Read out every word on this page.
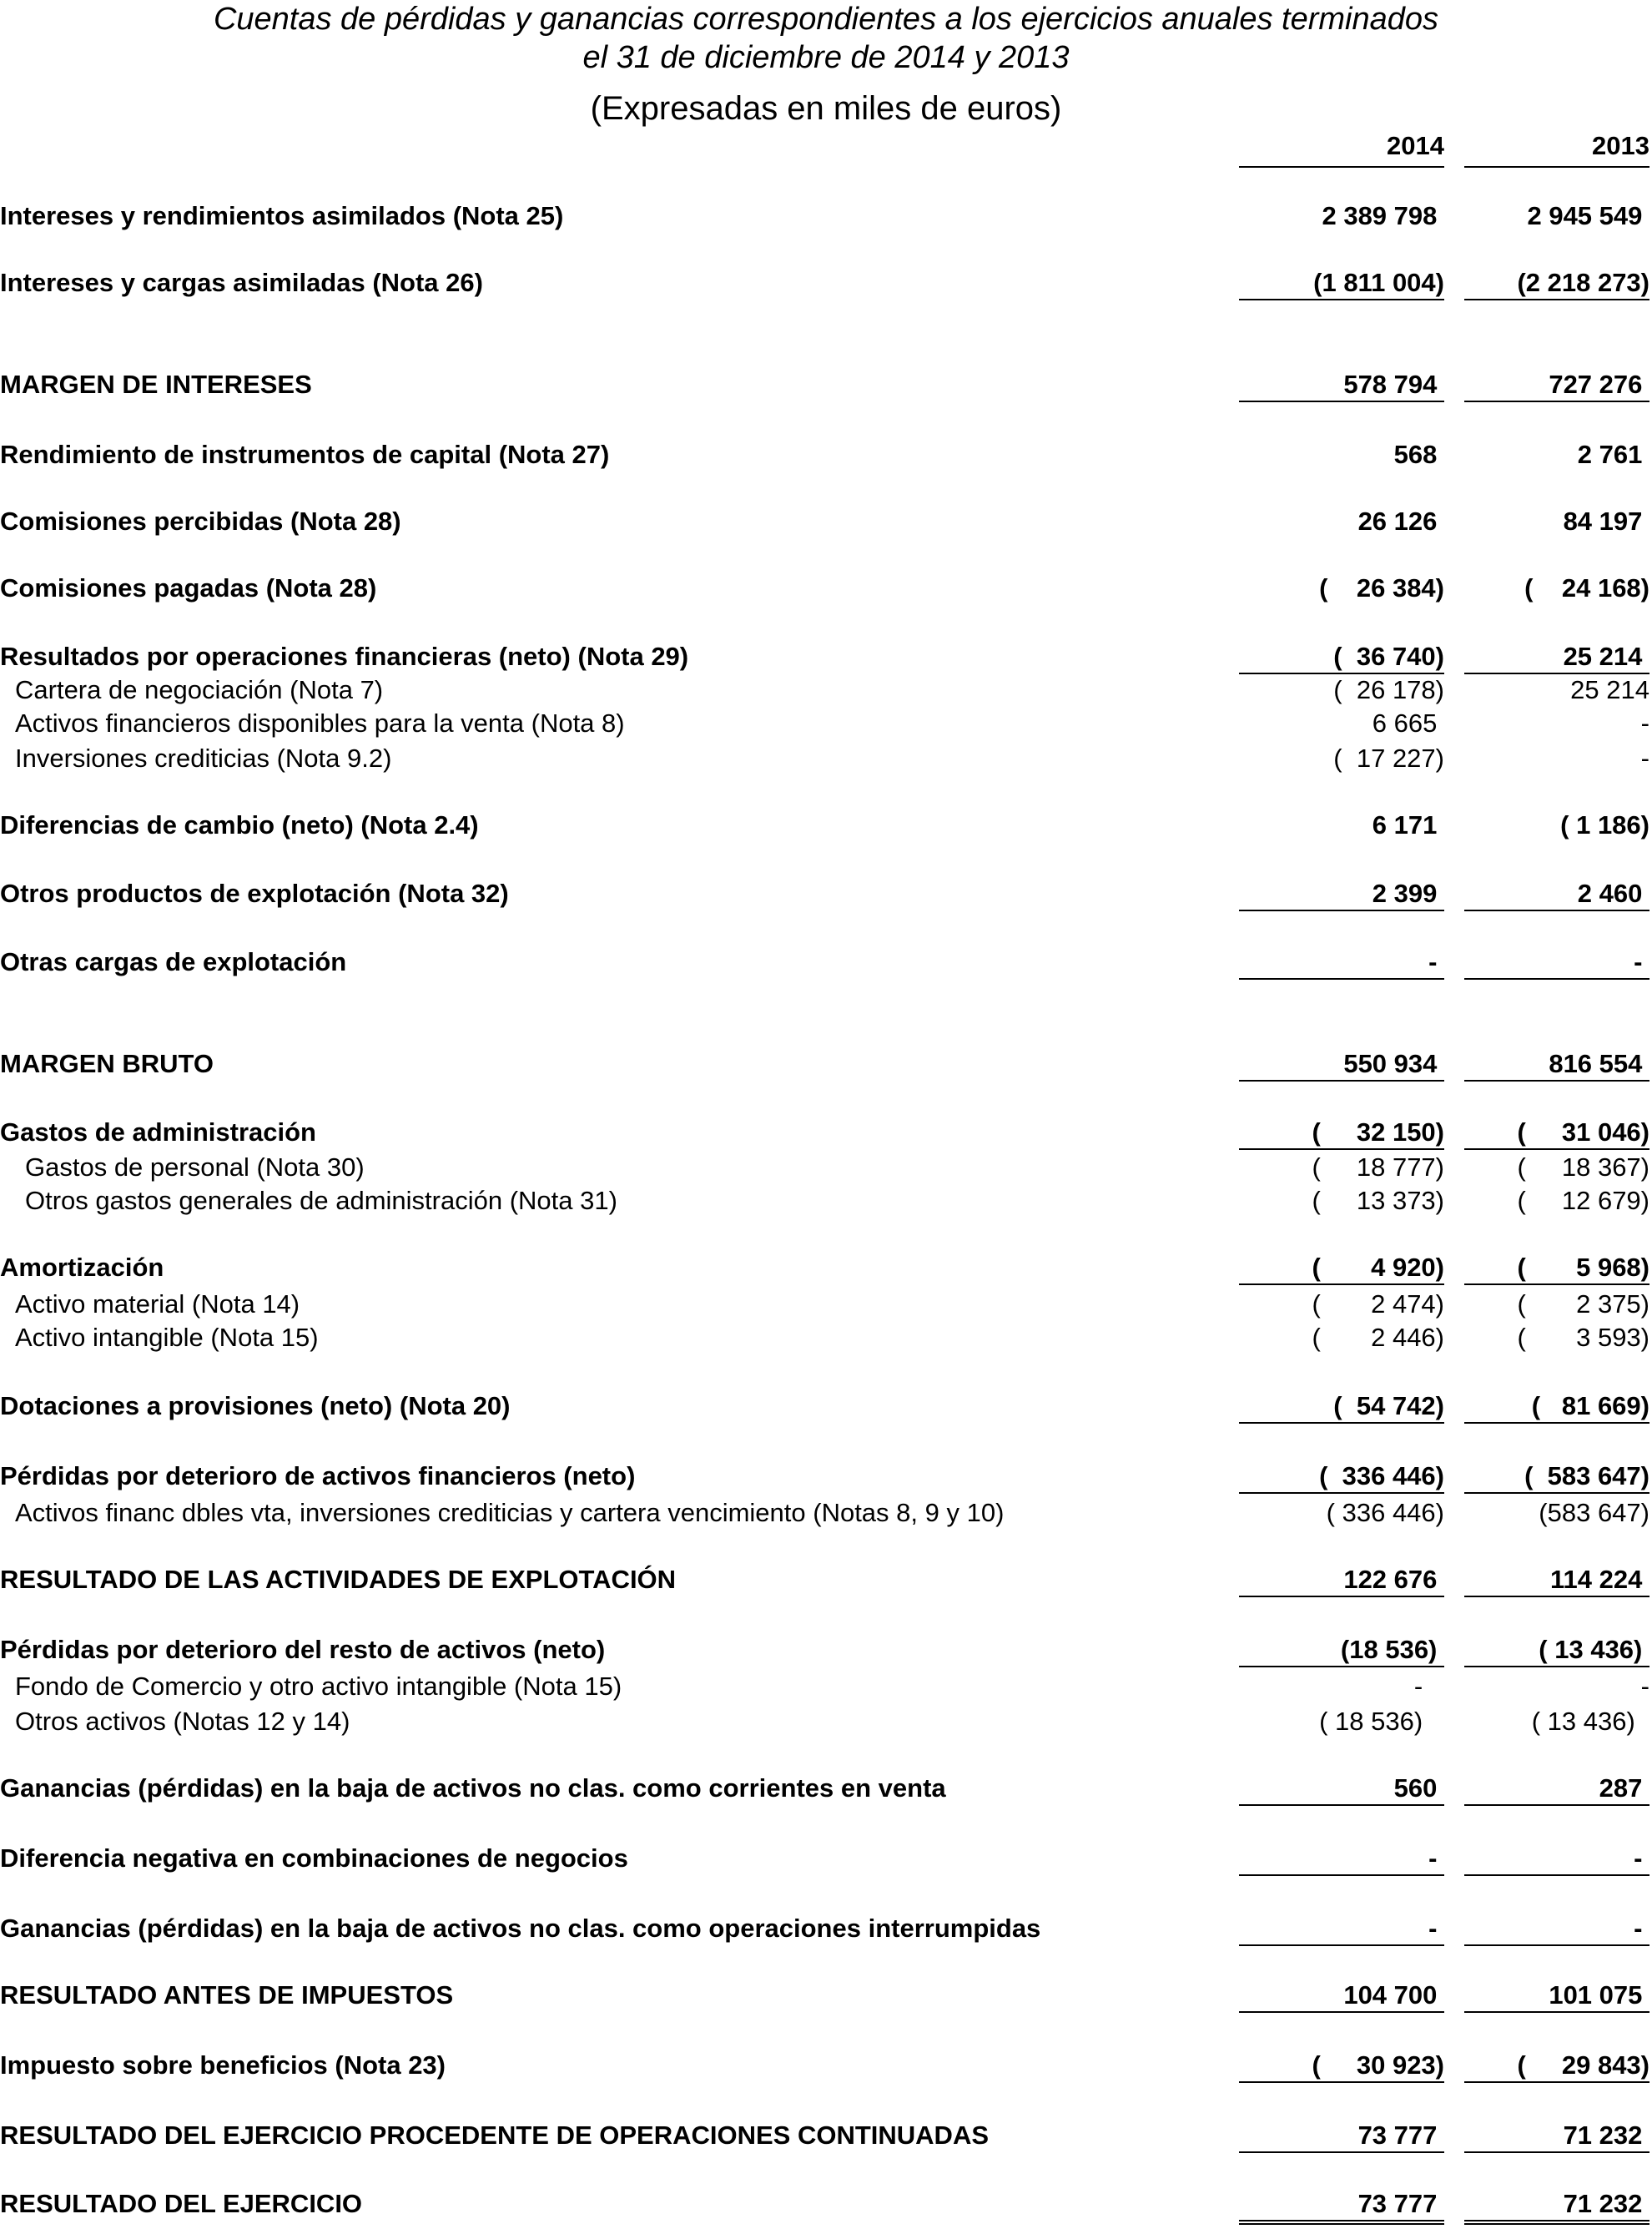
Cuentas de pérdidas y ganancias correspondientes a los ejercicios anuales terminados
el 31 de diciembre de 2014 y 2013
(Expresadas en miles de euros)
2014	2013
Intereses y rendimientos asimilados (Nota 25)	2 389 798	2 945 549
Intereses y cargas asimiladas (Nota 26)	(1 811 004)	(2 218 273)
MARGEN DE INTERESES	578 794	727 276
Rendimiento de instrumentos de capital (Nota 27)	568	2 761
Comisiones percibidas (Nota 28)	26 126	84 197
Comisiones pagadas (Nota 28)	(    26 384)	(    24 168)
Resultados por operaciones financieras (neto) (Nota 29)	(  36 740)	25 214
Cartera de negociación (Nota 7)	(  26 178)	25 214
Activos financieros disponibles para la venta (Nota 8)	6 665	-
Inversiones crediticias (Nota 9.2)	(  17 227)	-
Diferencias de cambio (neto) (Nota 2.4)	6 171	( 1 186)
Otros productos de explotación (Nota 32)	2 399	2 460
Otras cargas de explotación	-	-
MARGEN BRUTO	550 934	816 554
Gastos de administración	(     32 150)	(     31 046)
Gastos de personal (Nota 30)	(     18 777)	(     18 367)
Otros gastos generales de administración (Nota 31)	(     13 373)	(     12 679)
Amortización	(       4 920)	(       5 968)
Activo material (Nota 14)	(       2 474)	(       2 375)
Activo intangible (Nota 15)	(       2 446)	(       3 593)
Dotaciones a provisiones (neto) (Nota 20)	(  54 742)	(   81 669)
Pérdidas por deterioro de activos financieros (neto)	(  336 446)	(  583 647)
Activos financ dbles vta, inversiones crediticias y cartera vencimiento (Notas 8, 9 y 10)	( 336 446)	(583 647)
RESULTADO DE LAS ACTIVIDADES DE EXPLOTACIÓN	122 676	114 224
Pérdidas por deterioro del resto de activos (neto)	(18 536)	( 13 436)
Fondo de Comercio y otro activo intangible (Nota 15)	-	-
Otros activos (Notas 12 y 14)	( 18 536)	( 13 436)
Ganancias (pérdidas) en la baja de activos no clas. como corrientes en venta	560	287
Diferencia negativa en combinaciones de negocios	-	-
Ganancias (pérdidas) en la baja de activos no clas. como operaciones interrumpidas	-	-
RESULTADO ANTES DE IMPUESTOS	104 700	101 075
Impuesto sobre beneficios (Nota 23)	(     30 923)	(     29 843)
RESULTADO DEL EJERCICIO PROCEDENTE DE OPERACIONES CONTINUADAS	73 777	71 232
RESULTADO DEL EJERCICIO	73 777	71 232
